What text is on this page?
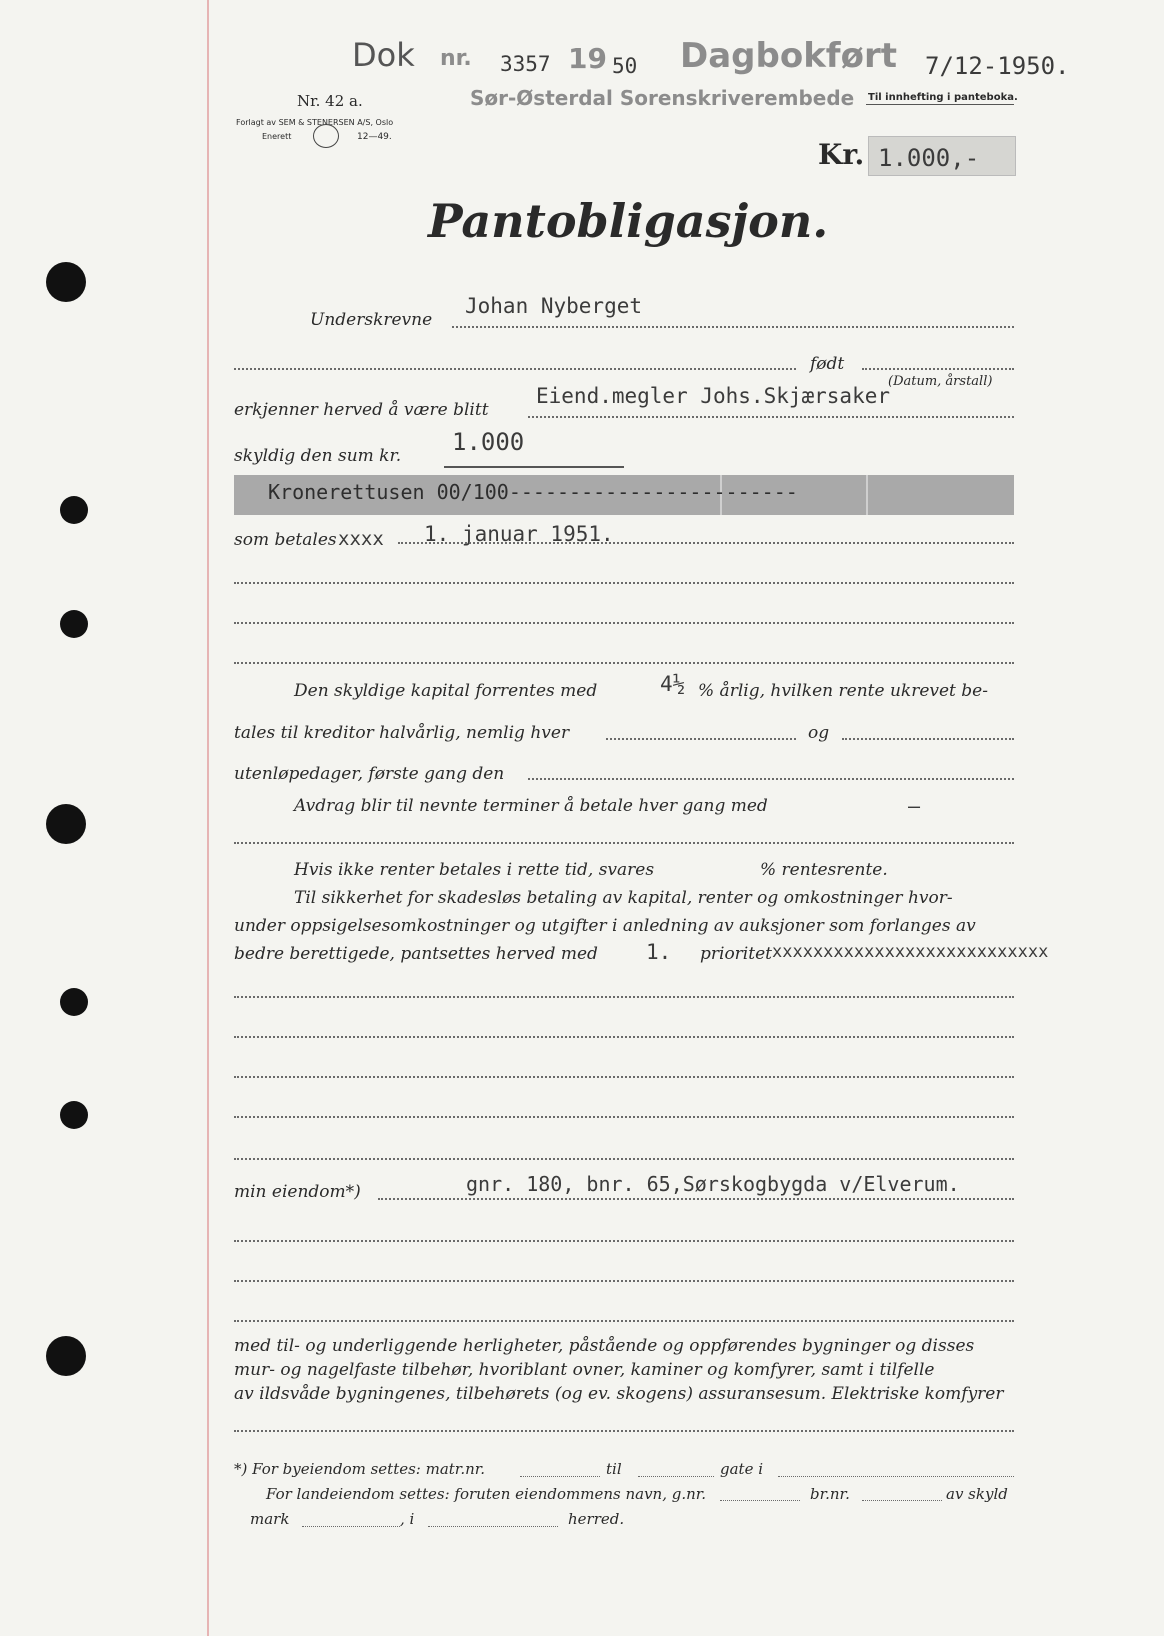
Dok nr. 3357 19 50 Dagbokført 7/12-1950.
Sør-Østerdal Sorenskriverembede Til innhefting i panteboka.
Nr. 42 a.
Forlagt av SEM & STENERSEN A/S, Oslo
Enerett	12—49.
Kr. 1.000,-
Pantobligasjon.
Underskrevne
Johan Nyberget
født
(Datum, årstall)
erkjenner herved å være blitt
Eiend.megler Johs.Skjærsaker
skyldig den sum kr. 1.000
Kronerettusen 00/100------------------------
som betales xxxx 1. januar 1951.
Den skyldige kapital forrentes med	4½ % årlig, hvilken rente ukrevet be-
tales til kreditor halvårlig, nemlig hver	og
utenløpedager, første gang den
Avdrag blir til nevnte terminer å betale hver gang med	—
Hvis ikke renter betales i rette tid, svares	% rentesrente.
Til sikkerhet for skadesløs betaling av kapital, renter og omkostninger hvor-
under oppsigelsesomkostninger og utgifter i anledning av auksjoner som forlanges av
bedre berettigede, pantsettes herved med 1. prioritet xxxxxxxxxxxxxxxxxxxxxxxxxxx
min eiendom*)	gnr. 180, bnr. 65,Sørskogbygda v/Elverum.
med til- og underliggende herligheter, påstående og oppførendes bygninger og disses
mur- og nagelfaste tilbehør, hvoriblant ovner, kaminer og komfyrer, samt i tilfelle
av ildsvåde bygningenes, tilbehørets (og ev. skogens) assuransesum. Elektriske komfyrer
*) For byeiendom settes: matr.nr.	til	gate i
For landeiendom settes: foruten eiendommens navn, g.nr.	br.nr.	av skyld
mark	, i	herred.
